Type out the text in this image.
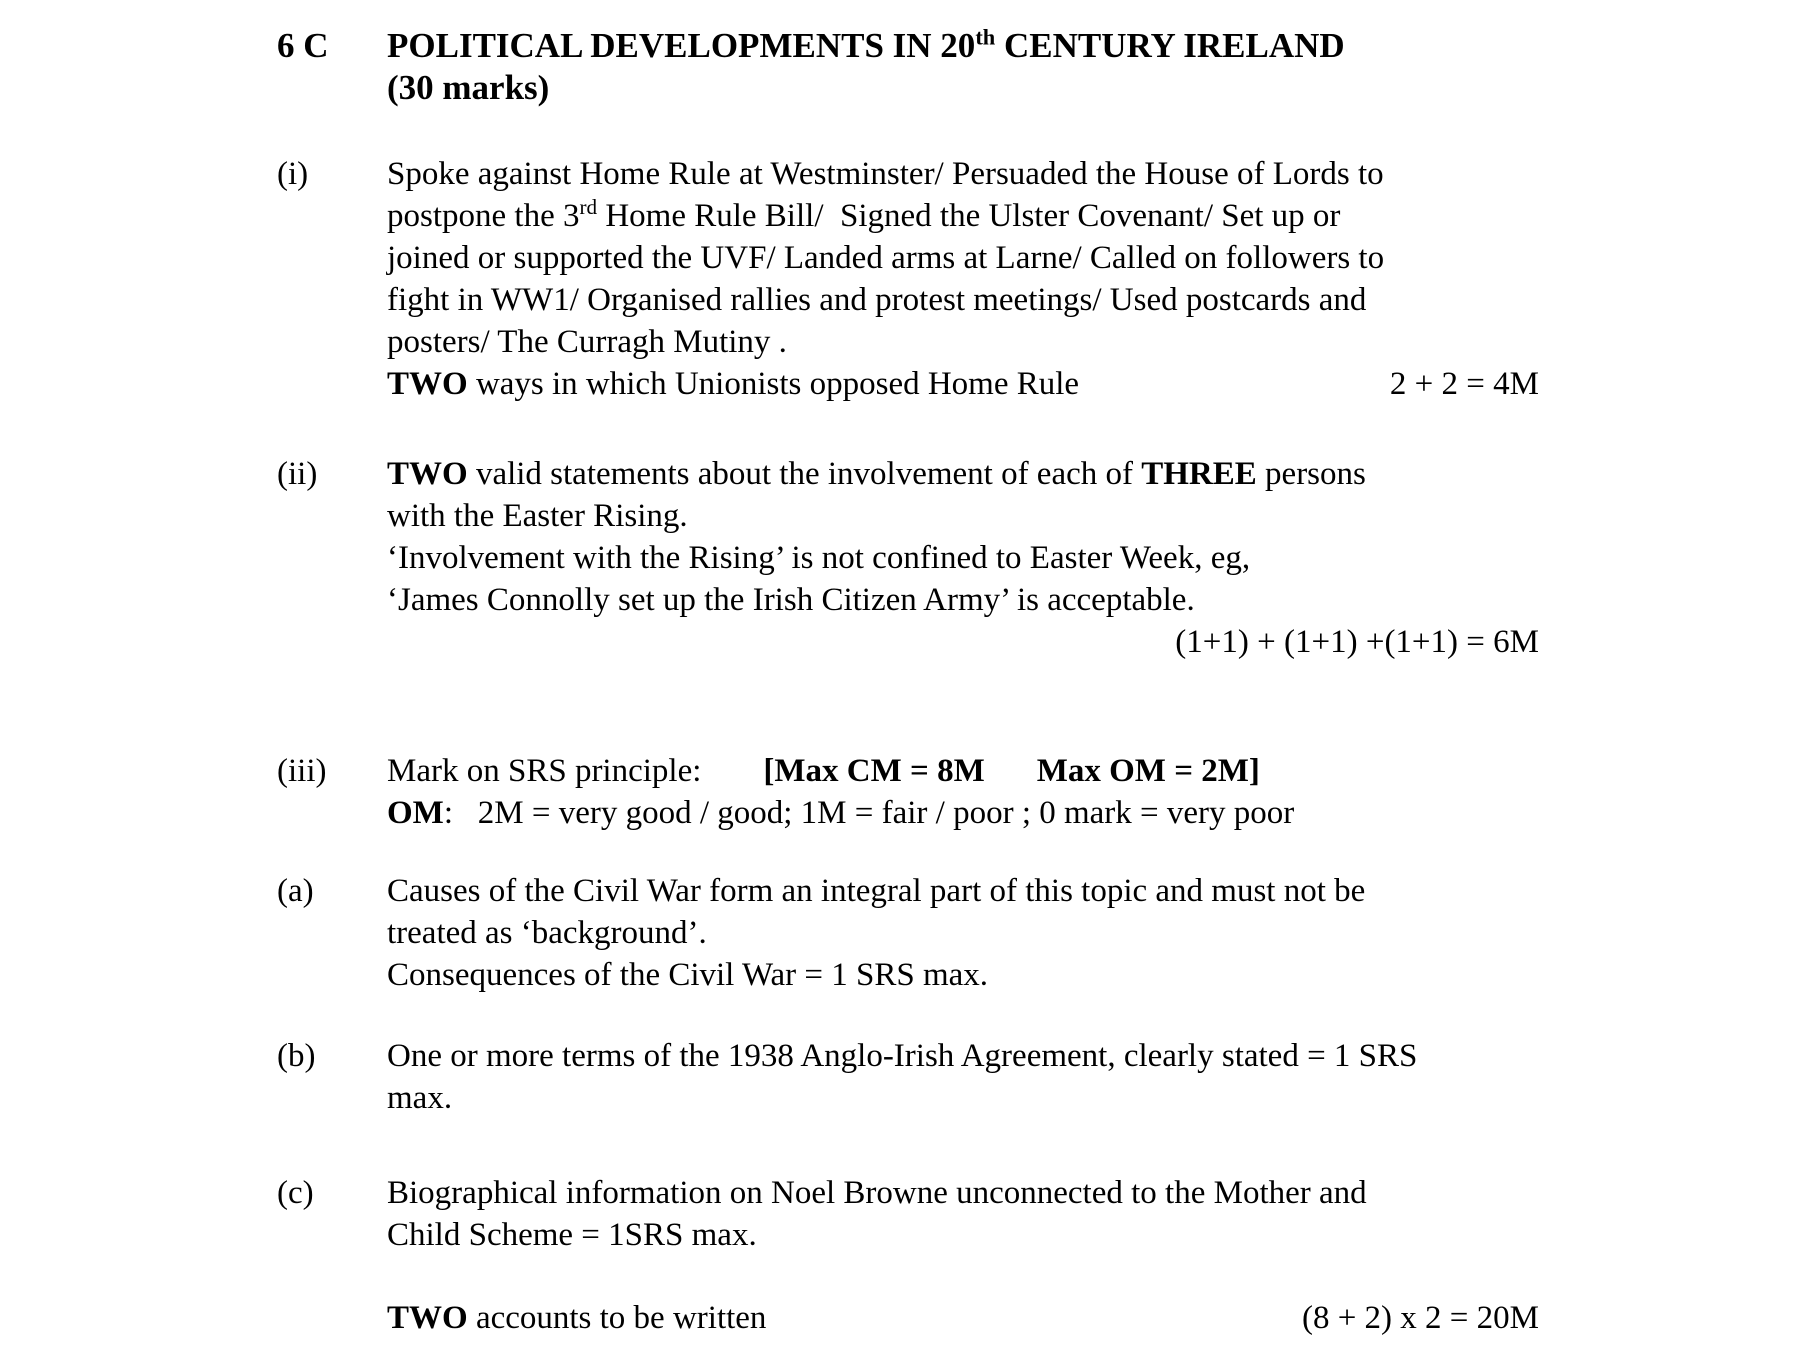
6 C	POLITICAL DEVELOPMENTS IN 20th CENTURY IRELAND
(30 marks)
(i)	Spoke against Home Rule at Westminster/ Persuaded the House of Lords to
postpone the 3rd Home Rule Bill/  Signed the Ulster Covenant/ Set up or
joined or supported the UVF/ Landed arms at Larne/ Called on followers to
fight in WW1/ Organised rallies and protest meetings/ Used postcards and
posters/ The Curragh Mutiny .
TWO ways in which Unionists opposed Home Rule	2 + 2 = 4M
(ii)	TWO valid statements about the involvement of each of THREE persons
with the Easter Rising.
‘Involvement with the Rising’ is not confined to Easter Week, eg,
‘James Connolly set up the Irish Citizen Army’ is acceptable.
(1+1) + (1+1) +(1+1) = 6M
(iii)	Mark on SRS principle: [Max CM = 8M Max OM = 2M]
OM:   2M = very good / good; 1M = fair / poor ; 0 mark = very poor
(a)	Causes of the Civil War form an integral part of this topic and must not be
treated as ‘background’.
Consequences of the Civil War = 1 SRS max.
(b)	One or more terms of the 1938 Anglo-Irish Agreement, clearly stated = 1 SRS
max.
(c)	Biographical information on Noel Browne unconnected to the Mother and
Child Scheme = 1SRS max.
TWO accounts to be written	(8 + 2) x 2 = 20M
